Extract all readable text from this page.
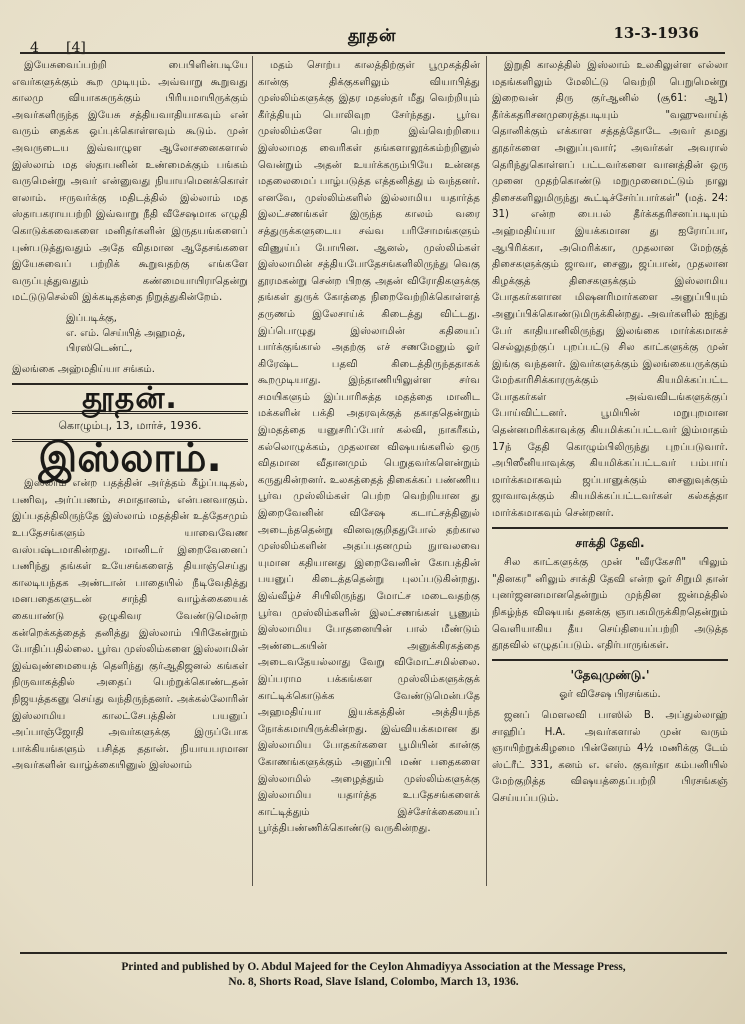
4 [4]
தூதன்	13-3-1936

இயேசுவைப்பற்றி பைபிளின்படியே எவர்களுக்கும் கூற முடியும். அவ்வாறு கூறுவது காலமு வியாகசுருக்கும் பிரியமாயிருக்கும் அவர்களிருந்த இயேசு சத்தியவாதியாகவும் என் வரும் தைக்க ஒப்புக்கொள்ளவும் கூடும். முன் அவருடைய இவ்வாழுள ஆலோசனைகளால் இஸ்லாம் மத ஸ்தாபனின் உண்மைக்கும் பங்கம் வருமென்று அவர் என்னுவது நியாயமெனக்கொள் ளலாம். ஈருவர்க்கு மதிடத்தில் இல்லாம் மத ஸ்தாபகராயபற்றி இவ்வாறு நீதி வீசேஷமாக எழுதி கொடுக்கவைகளை மனிதர்களின் இருதயங்களைப் புண்படுத்துவதும் அதே விதமான ஆதேசங்களை இயேசுவைப் பற்றிக் கூறுவதற்கு எங்களே வருப்புத்துவதும் கண்மையாயிராதென்று மட்டுடுசெல்லி இக்கடிதத்தை நிறுத்துகின்றேம்.

இப்படிக்கு,
எ. எம். செய்யித் அஹமத்,
பிரஸிடெண்ட்,
இலங்கை அஹ்மதிய்யா சங்கம்.
தூதன்.
கொழும்பு, 13, மார்ச், 1936.
இஸ்லாம்.

இஸ்லாம் என்ற பதத்தின் அர்த்தம் கீழ்ப்படிதல், பணிவு, அர்ப்பணம், சமாதானம், என்பனவாகும். இப்பதத்திலிருந்தே இஸ்லாம் மதத்தின் உத்தேசமும் உபதேசங்களும் யாவைவேண வஸ்பஷ்டமாகின்றது. மானிடர் இறைவேனைப் பணிந்து தங்கள் உயேசங்களைத் தியாஞ்செய்து காலடியந்தக அண்டான் பாதையில் நீடிவேதித்து மனபதைகளுடன் சாந்தி வாழ்க்கையைக் கையாண்டு ஒழுகிவர வேண்டுமென்ற கன்றெக்கத்தைத் தனித்து இஸ்லாம் பிரிகேன்றும் போதிப்பதில்லை. பூர்வ முஸ்லிம்களை இஸ்லாமின் இவ்வுண்மையைத் தெளிந்து குர்ஆதிஜனல் கங்கள் நிருவாகத்தில் அதைப் பெற்றுக்கொண்டதன் நிஜயத்தகனு செய்து வந்திருந்தனர். அக்கல்லோரின் இஸ்லாமிய காலட்சேபத்தின் பயனுப் அப்பாஞ்ஜோதி அவர்களுக்கு இருப்போக பாக்கியங்களும் பசித்த ததான். நியாயபரமான அவர்களின் வாழ்க்கையினுல் இஸ்லாம்

மதம் சொற்ப காலத்திற்குள் பூமுகத்தின் கான்கு திக்குகளிலும் வியாபித்து முஸ்லிம்களுக்கு இதர மதஸ்தர் மீது வெற்றியும் கீர்த்தியும் பொலிவுற சேர்ந்தது. பூர்வ முஸ்லிம்களே பெற்ற இவ்வெற்றியை இஸ்லாமத வைரிகள் தங்களாலூக்கம்ற்றினுல் வென்றும் அதன் உயர்க்கரும்பியே உன்னத மதலைமைப் பாழ்படுத்த எத்தனித்து ம் வந்தனர். எனவே, முஸ்லிம்களில் இல்லாமிய யதார்த்த இலட்சணங்கள் இருந்த காலம் வரை சத்துருக்களுடைய சவ்வ பரிசோமங்களும் விணுய்ப் போயின. ஆனல், முஸ்லிம்கள் இஸ்லாமின் சத்தியபோதேசங்களிலிருந்து வெகு தூரமகன்று சென்ற பிறகு அதன் விரோதிகளுக்கு தங்கள் துருக் கோத்தை நிறைவேற்றிக்கொள்ளத் தருணம் இலேசாய்க் கிடைத்து விட்டது. இப்பொழுது இஸ்லாமின் கதியைப் பார்க்குங்கால் அதற்கு எச் சணமேனும் ஓர் கிரேஷ்ட பதவி கிடைத்திருந்ததாகக் கூறமுடியாது. இந்தாணியிலுள்ள சர்வ சமயிகளும் இப்பாரிசுத்த மதத்தை மானிட மக்களின் பக்தி அதரவுக்குத் தகாததென்றும் இமதத்தை யனுசரிப்போர் கல்வி, நாகரீகம், கல்லொழுக்கம், முதலான விஷயங்களில் ஒரு விதமான வீதானமும் பெறுதவர்களென்றும் கருதுகின்றனர். உலகத்தைத் திகைக்கப் பண்ணிய பூர்வ முஸ்லிம்கள் பெற்ற வெற்றியான து இறைவேனின் விசேஷ கடாட்சத்தினுல் அடைந்ததென்று வினவுகுறிததுபோல் தற்கால முஸ்லிம்களின் அதப்பதனமும் நுாவலவை யுமான கதியானது இறைவேனின் கோபத்தின் பயனுப் கிடைத்ததென்று புலப்படுகின்றது. இவ்வீழ்ச் சியிலிருந்து மோட்ச மடைவதற்கு பூர்வ முஸ்லிம்களின் இலட்சணங்கள் பூணும் இஸ்லாமிய போதனையின் பால் மீண்டும் அண்டைகயின் அனுக்கிரகத்தை அடைவதேயல்லாது வேறு விமோட்சமில்லை. இப்பராம பக்கங்கள முஸ்லிம்களுக்குக் காட்டிக்கொடுக்க வேண்டுமென்பதே அஹமதிய்யா இயக்கத்தின் அத்தியந்த நோக்கமாயிருக்கின்றது. இவ்வியக்கமான து இஸ்லாமிய போதகர்களை பூமியின் கான்கு கோணங்களுக்கும் அனுப்பி மண் பதைகளை இஸ்லாமில் அழைத்தும் முஸ்லிம்களுக்கு இஸ்லாமிய யதார்த்த உபதேசங்களைக் காட்டித்தும் இச்சேர்க்கையைப் பூர்த்திபண்ணிக்கொண்டு வருகின்றது.

இறுதி காலத்தில் இஸ்லாம் உலகிலுள்ள எல்லா மதங்களிலும் மேலிட்டு வெற்றி பெறுமென்று இறைவன் திரு குர்ஆனில் (சூ61: ஆ1) தீர்க்கதரிசனமுரைத்தபடியும் "வஹுவாய்த் தொனிக்கும் எக்காள சத்தத்தோடே அவர் தமது தூதர்களை அனுப்புவார்; அவர்கள் அவரால் தெரிந்துகொள்ளப் பட்டவர்களை வானத்தின் ஒரு முனை முதற்கொண்டு மறுமுனைமட்டும் நாலு திசைகளிலுமிருந்து கூட்டிச்சேர்ப்பார்கள்" (மத். 24: 31) என்ற பைபல் தீர்க்கதரிசனப்படியும் அஹ்மதிய்யா இயக்கமான து ஐரோப்பா, ஆபிரிக்கா, அமெரிக்கா, முதலான மேற்குத் திசைகளுக்கும் ஜாவா, சைனு, ஜப்பான், முதலான கிழக்குத் திசைகளுக்கும் இஸ்லாமிய போதகர்களான மிஷனரிமார்களை அனுப்பியும் அனுப்பிக்கொண்டுமிருக்கின்றது. அவர்களில் ஐந்து பேர் காதியானிலிருந்து இலங்கை மார்க்கமாகச் செல்லுதற்குப் புறப்பட்டு சில காட்களுக்கு முன் இங்கு வந்தனர். இவர்களுக்கும் இலங்கையருக்கும் மேற்காரிசிக்காரருக்கும் கியமிக்கப்பட்ட போதகர்கள் அவ்வவிடங்களுக்குப் போய்விட்டனர். பூமியின் மறுபுறமான தென்னமரிக்காவுக்கு கியமிக்கப்பட்டவர் இம்மாதம் 17ந் தேதி கொழும்பிலிருந்து புறப்படுவார். அபிஸீனியாவுக்கு கியமிக்கப்பட்டவர் பம்பாய் மார்க்கமாகவும் ஜப்பானுக்கும் சைனுவுக்கும் ஜாவாவுக்கும் கியமிக்கப்பட்டவர்கள் கல்கத்தா மார்க்கமாகவும் சென்றனர்.

சாக்தி தேவி.

சில காட்களுக்கு முன் "வீரகேசரி" யிலும் "தினகர" னிலும் சாக்தி தேவி என்ற ஓர் சிறுமி தான் புனர்ஜனனமானதென்றும் முந்தின ஜன்மத்தில் நிகழ்ந்த விஷயங் தனக்கு ஞாபகமிருக்கிறதென்றும் வெளியாகிய தீய செய்தியைப்பற்றி அடுத்த தூதவில் எழுதப்படும். எதிர்பாருங்கள்.

'தேவுமுண்டு.'
ஓர் விசேஷ பிரசங்கம்.

ஜனப் மௌலவி பாஸில் B. அப்துல்லாஹ் சாஹிப் H.A. அவர்களால் முன் வரும் ஞாயிற்றுக்கிழமை பின்னேரம் 4½ மணிக்கு டேம் ஸ்ட்ரீட் 331, கனம் எ. எஸ். குவர்தா கம்பனியில் மேற்குறித்த விஷயத்தைப்பற்றி பிரசங்கஞ் செய்யப்படும்.

Printed and published by O. Abdul Majeed for the Ceylon Ahmadiyya Association at the Message Press,
No. 8, Shorts Road, Slave Island, Colombo, March 13, 1936.
